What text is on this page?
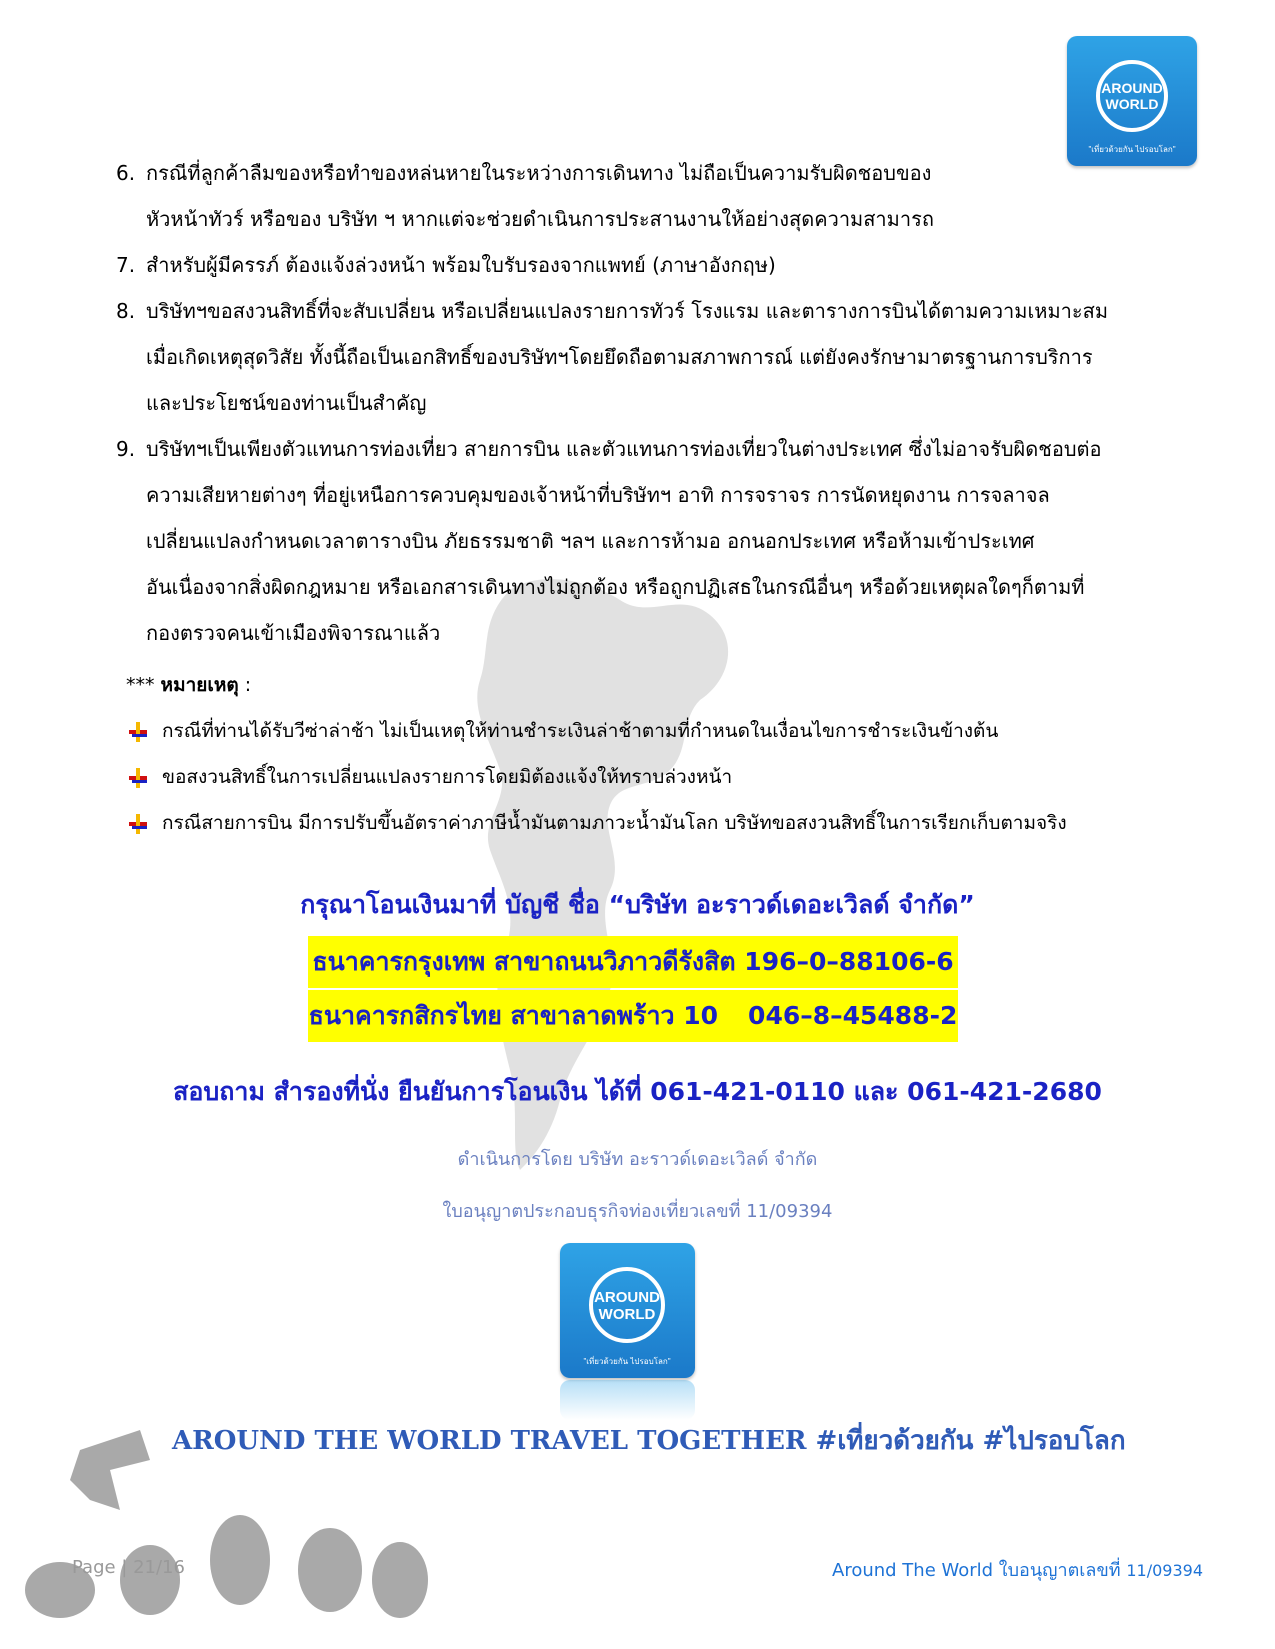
AROUND
WORLD
"เที่ยวด้วยกัน ไปรอบโลก"
6. กรณีที่ลูกค้าลืมของหรือทำของหล่นหายในระหว่างการเดินทาง ไม่ถือเป็นความรับผิดชอบของ
หัวหน้าทัวร์ หรือของ บริษัท ฯ หากแต่จะช่วยดำเนินการประสานงานให้อย่างสุดความสามารถ
7. สำหรับผู้มีครรภ์ ต้องแจ้งล่วงหน้า พร้อมใบรับรองจากแพทย์ (ภาษาอังกฤษ)
8. บริษัทฯขอสงวนสิทธิ์ที่จะสับเปลี่ยน หรือเปลี่ยนแปลงรายการทัวร์ โรงแรม และตารางการบินได้ตามความเหมาะสม
เมื่อเกิดเหตุสุดวิสัย ทั้งนี้ถือเป็นเอกสิทธิ์ของบริษัทฯโดยยึดถือตามสภาพการณ์ แต่ยังคงรักษามาตรฐานการบริการ
และประโยชน์ของท่านเป็นสำคัญ
9. บริษัทฯเป็นเพียงตัวแทนการท่องเที่ยว สายการบิน และตัวแทนการท่องเที่ยวในต่างประเทศ ซึ่งไม่อาจรับผิดชอบต่อ
ความเสียหายต่างๆ ที่อยู่เหนือการควบคุมของเจ้าหน้าที่บริษัทฯ อาทิ การจราจร การนัดหยุดงาน การจลาจล
เปลี่ยนแปลงกำหนดเวลาตารางบิน ภัยธรรมชาติ ฯลฯ และการห้ามอ อกนอกประเทศ หรือห้ามเข้าประเทศ
อันเนื่องจากสิ่งผิดกฎหมาย หรือเอกสารเดินทางไม่ถูกต้อง หรือถูกปฏิเสธในกรณีอื่นๆ หรือด้วยเหตุผลใดๆก็ตามที่
กองตรวจคนเข้าเมืองพิจารณาแล้ว
*** หมายเหตุ :
กรณีที่ท่านได้รับวีซ่าล่าช้า ไม่เป็นเหตุให้ท่านชำระเงินล่าช้าตามที่กำหนดในเงื่อนไขการชำระเงินข้างต้น
ขอสงวนสิทธิ์ในการเปลี่ยนแปลงรายการโดยมิต้องแจ้งให้ทราบล่วงหน้า
กรณีสายการบิน มีการปรับขึ้นอัตราค่าภาษีน้ำมันตามภาวะน้ำมันโลก บริษัทขอสงวนสิทธิ์ในการเรียกเก็บตามจริง
กรุณาโอนเงินมาที่ บัญชี ชื่อ “บริษัท อะราวด์เดอะเวิลด์ จำกัด”
ธนาคารกรุงเทพ สาขาถนนวิภาวดีรังสิต 196–0–88106-6
ธนาคารกสิกรไทย สาขาลาดพร้าว 10 046–8–45488-2
สอบถาม สำรองที่นั่ง ยืนยันการโอนเงิน ได้ที่ 061-421-0110 และ 061-421-2680
ดำเนินการโดย บริษัท อะราวด์เดอะเวิลด์ จำกัด
ใบอนุญาตประกอบธุรกิจท่องเที่ยวเลขที่ 11/09394
AROUND
WORLD
"เที่ยวด้วยกัน ไปรอบโลก"
AROUND THE WORLD TRAVEL TOGETHER #เที่ยวด้วยกัน #ไปรอบโลก
Page | 21/16	Around The World ใบอนุญาตเลขที่ 11/09394
